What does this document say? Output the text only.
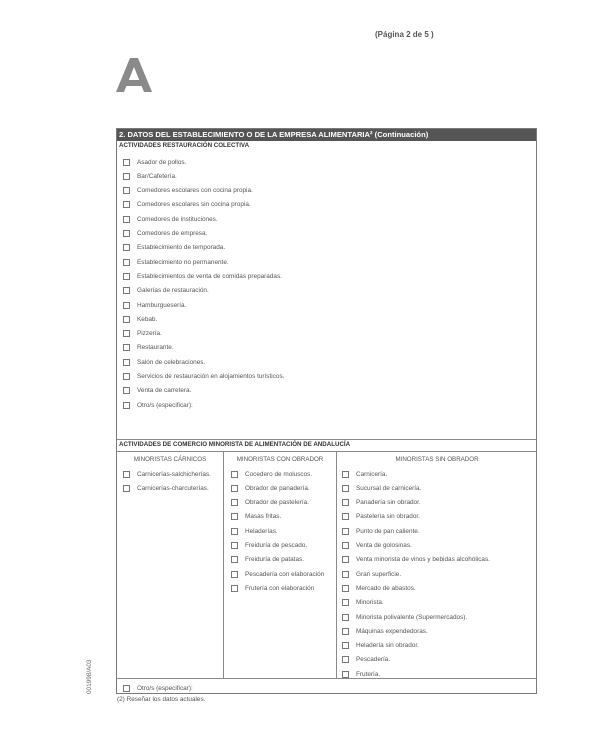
(Página 2 de 5 )
2. DATOS DEL ESTABLECIMIENTO O DE LA EMPRESA ALIMENTARIA² (Continuación)
ACTIVIDADES RESTAURACIÓN COLECTIVA
Asador de pollos.
Bar/Cafetería.
Comedores escolares con cocina propia.
Comedores escolares sin cocina propia.
Comedores de instituciones.
Comedores de empresa.
Establecimiento de temporada.
Establecimiento no permanente.
Establecimientos de venta de comidas preparadas.
Galerías de restauración.
Hamburguesería.
Kebab.
Pizzería.
Restaurante.
Salón de celebraciones.
Servicios de restauración en alojamientos turísticos.
Venta de carretera.
Otro/s (especificar):
ACTIVIDADES DE COMERCIO MINORISTA DE ALIMENTACIÓN DE ANDALUCÍA
MINORISTAS CÁRNICOS	MINORISTAS CON OBRADOR	MINORISTAS SIN OBRADOR
Carnicerías-salchicherías.
Carnicerías-charcuterías.
Cocedero de moluscos.
Obrador de panadería.
Obrador de pastelería.
Masas fritas.
Heladerías.
Freiduría de pescado.
Freiduría de patatas.
Pescadería con elaboración
Frutería con elaboración
Carnicería.
Sucursal de carnicería.
Panadería sin obrador.
Pastelería sin obrador.
Punto de pan caliente.
Venta de golosinas.
Venta minorista de vinos y bebidas alcohólicas.
Gran superficie.
Mercado de abastos.
Minorista.
Minorista polivalente (Supermercados).
Máquinas expendedoras.
Heladería sin obrador.
Pescadería.
Frutería.
Otro/s (especificar):
(2) Reseñar los datos actuales.
001998/A03
